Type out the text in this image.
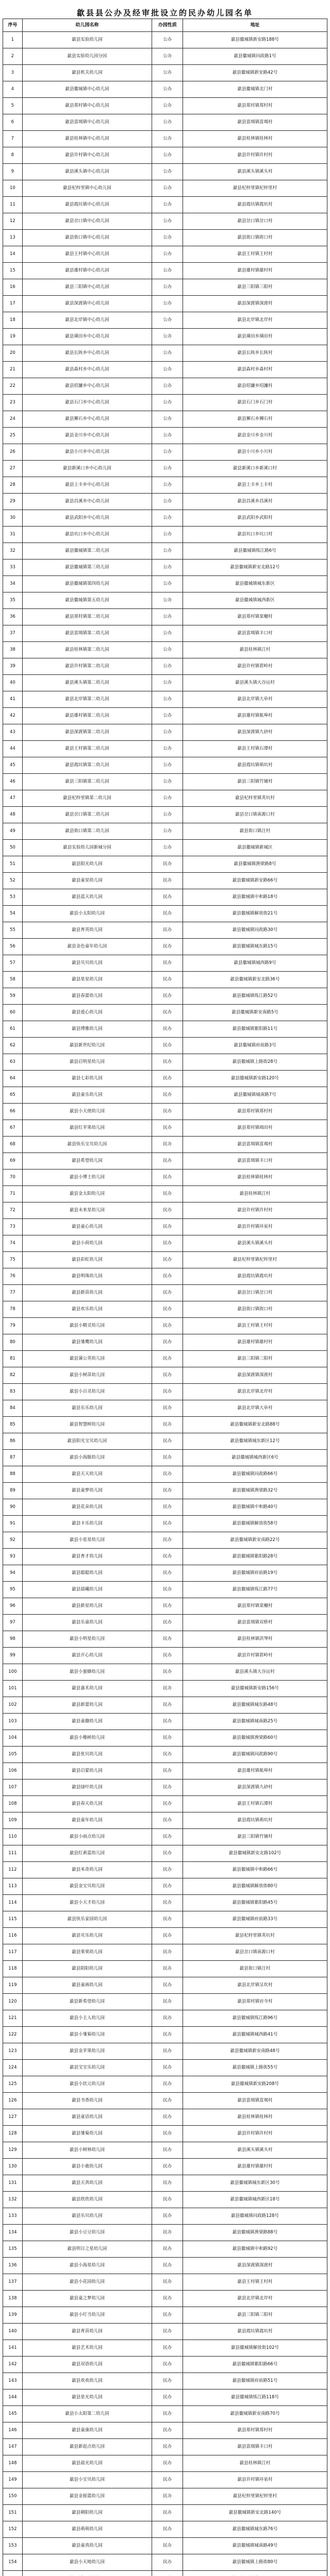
歙县县公办及经审批设立的民办幼儿园名单
序号	幼儿园名称	办园性质	地址
1	歙县实验幼儿园	公办	歙县徽城镇新安路188号
2	歙县实验幼儿园分园	公办	歙县徽城镇问政路1号
3	歙县机关幼儿园	公办	歙县徽城镇新安路42号
4	歙县徽城镇中心幼儿园	公办	歙县徽城镇北门村
5	歙县郑村镇中心幼儿园	公办	歙县郑村镇郑村村
6	歙县富堨镇中心幼儿园	公办	歙县富堨镇富堨村
7	歙县桂林镇中心幼儿园	公办	歙县桂林镇桂林村
8	歙县许村镇中心幼儿园	公办	歙县许村镇许村村
9	歙县溪头镇中心幼儿园	公办	歙县溪头镇溪头村
10	歙县杞梓里镇中心幼儿园	公办	歙县杞梓里镇杞梓里村
11	歙县霞坑镇中心幼儿园	公办	歙县霞坑镇霞坑村
12	歙县岔口镇中心幼儿园	公办	歙县岔口镇岔口村
13	歙县街口镇中心幼儿园	公办	歙县街口镇街口村
14	歙县王村镇中心幼儿园	公办	歙县王村镇王村村
15	歙县雄村镇中心幼儿园	公办	歙县雄村镇雄村村
16	歙县三阳镇中心幼儿园	公办	歙县三阳镇三阳村
17	歙县深渡镇中心幼儿园	公办	歙县深渡镇深渡村
18	歙县北岸镇中心幼儿园	公办	歙县北岸镇北岸村
19	歙县璜田乡中心幼儿园	公办	歙县璜田乡璜田村
20	歙县长陔乡中心幼儿园	公办	歙县长陔乡长陔村
21	歙县森村乡中心幼儿园	公办	歙县森村乡森村村
22	歙县绍濂乡中心幼儿园	公办	歙县绍濂乡绍濂村
23	歙县石门乡中心幼儿园	公办	歙县石门乡石门村
24	歙县狮石乡中心幼儿园	公办	歙县狮石乡狮石村
25	歙县金川乡中心幼儿园	公办	歙县金川乡金川村
26	歙县小川乡中心幼儿园	公办	歙县小川乡小川村
27	歙县新溪口乡中心幼儿园	公办	歙县新溪口乡新溪口村
28	歙县上丰乡中心幼儿园	公办	歙县上丰乡上丰村
29	歙县昌溪乡中心幼儿园	公办	歙县昌溪乡昌溪村
30	歙县武阳乡中心幼儿园	公办	歙县武阳乡武阳村
31	歙县坑口乡中心幼儿园	公办	歙县坑口乡坑口村
32	歙县徽城镇第二幼儿园	公办	歙县徽城镇练江路6号
33	歙县徽城镇第三幼儿园	公办	歙县徽城镇新安北路12号
34	歙县徽城镇第四幼儿园	公办	歙县徽城镇城东新区
35	歙县徽城镇第五幼儿园	公办	歙县徽城镇城西新区
36	歙县郑村镇第二幼儿园	公办	歙县郑村镇棠樾村
37	歙县富堨镇第二幼儿园	公办	歙县富堨镇丰口村
38	歙县桂林镇第二幼儿园	公办	歙县桂林镇江村
39	歙县许村镇第二幼儿园	公办	歙县许村镇箬岭村
40	歙县溪头镇第二幼儿园	公办	歙县溪头镇大谷运村
41	歙县北岸镇第二幼儿园	公办	歙县北岸镇大阜村
42	歙县雄村镇第二幼儿园	公办	歙县雄村镇航埠村
43	歙县深渡镇第二幼儿园	公办	歙县深渡镇九砂村
44	歙县王村镇第二幼儿园	公办	歙县王村镇石潭村
45	歙县霞坑镇第二幼儿园	公办	歙县霞坑镇萌坑村
46	歙县三阳镇第二幼儿园	公办	歙县三阳镇竹铺村
47	歙县杞梓里镇第二幼儿园	公办	歙县杞梓里镇英坑村
48	歙县岔口镇第二幼儿园	公办	歙县岔口镇南源口村
49	歙县街口镇第二幼儿园	公办	歙县街口镇汪村
50	歙县实验幼儿园新城分园	公办	歙县徽城镇新城区
51	歙县阳光幼儿园	民办	歙县徽城镇渔梁路8号
52	歙县童星幼儿园	民办	歙县徽城镇新安路66号
53	歙县蓝天幼儿园	民办	歙县徽城镇中和路18号
54	歙县小太阳幼儿园	民办	歙县徽城镇解放街21号
55	歙县育英幼儿园	民办	歙县徽城镇问政路30号
56	歙县金色童年幼儿园	民办	歙县徽城镇城东路15号
57	歙县贝贝幼儿园	民办	歙县徽城镇城西路9号
58	歙县星星幼儿园	民办	歙县徽城镇新安北路36号
59	歙县春蕾幼儿园	民办	歙县徽城镇练江路52号
60	歙县爱心幼儿园	民办	歙县徽城镇新安南路5号
61	歙县博雅幼儿园	民办	歙县徽城镇紫阳路11号
62	歙县新世纪幼儿园	民办	歙县徽城镇府前路3号
63	歙县启明星幼儿园	民办	歙县徽城镇上路街28号
64	歙县七彩幼儿园	民办	歙县徽城镇新安路120号
65	歙县童乐幼儿园	民办	歙县徽城镇城南路7号
66	歙县小天使幼儿园	民办	歙县郑村镇郑村村
67	歙县红苹果幼儿园	民办	歙县郑村镇堨田村
68	歙县快乐宝贝幼儿园	民办	歙县富堨镇富堨村
69	歙县希望幼儿园	民办	歙县富堨镇丰口村
70	歙县小博士幼儿园	民办	歙县桂林镇桂林村
71	歙县金太阳幼儿园	民办	歙县桂林镇江村
72	歙县未来星幼儿园	民办	歙县许村镇许村村
73	歙县童心幼儿园	民办	歙县许村镇环泉村
74	歙县小荷幼儿园	民办	歙县溪头镇溪头村
75	歙县彩虹幼儿园	民办	歙县杞梓里镇杞梓里村
76	歙县明珠幼儿园	民办	歙县霞坑镇霞坑村
77	歙县新苗幼儿园	民办	歙县岔口镇岔口村
78	歙县欢乐幼儿园	民办	歙县街口镇街口村
79	歙县小精灵幼儿园	民办	歙县王村镇王村村
80	歙县雏鹰幼儿园	民办	歙县雄村镇雄村村
81	歙县蒲公英幼儿园	民办	歙县三阳镇三阳村
82	歙县小树苗幼儿园	民办	歙县深渡镇深渡村
83	歙县小百灵幼儿园	民办	歙县北岸镇北岸村
84	歙县乐乐幼儿园	民办	歙县北岸镇大阜村
85	歙县智慧树幼儿园	民办	歙县徽城镇新安北路88号
86	歙县阳光宝贝幼儿园	民办	歙县徽城镇城东新区12号
87	歙县小海豚幼儿园	民办	歙县徽城镇城西新区6号
88	歙县天天幼儿园	民办	歙县徽城镇问政路66号
89	歙县童梦幼儿园	民办	歙县徽城镇渔梁路32号
90	歙县花朵幼儿园	民办	歙县徽城镇中和路40号
91	歙县卡乐幼儿园	民办	歙县徽城镇解放街58号
92	歙县小星星幼儿园	民办	歙县徽城镇新安南路22号
93	歙县育才幼儿园	民办	歙县徽城镇紫阳路28号
94	歙县聪聪幼儿园	民办	歙县徽城镇府前路19号
95	歙县晨曦幼儿园	民办	歙县徽城镇练江路77号
96	歙县新星幼儿园	民办	歙县郑村镇棠樾村
97	歙县乐童幼儿园	民办	歙县富堨镇双桥村
98	歙县小明星幼儿园	民办	歙县桂林镇洪琴村
99	歙县开心幼儿园	民办	歙县许村镇箬岭村
100	歙县小蜜蜂幼儿园	民办	歙县溪头镇大谷运村
101	歙县嘉禾幼儿园	民办	歙县徽城镇新安路156号
102	歙县新蕾幼儿园	民办	歙县徽城镇城东路48号
103	歙县童趣幼儿园	民办	歙县徽城镇城南路25号
104	歙县小橡树幼儿园	民办	歙县徽城镇渔梁路60号
105	歙县优贝幼儿园	民办	歙县徽城镇问政路90号
106	歙县启蒙幼儿园	民办	歙县雄村镇航埠村
107	歙县绿叶幼儿园	民办	歙县深渡镇九砂村
108	歙县春天幼儿园	民办	歙县王村镇石潭村
109	歙县童年幼儿园	民办	歙县霞坑镇萌坑村
110	歙县小雨点幼儿园	民办	歙县三阳镇竹铺村
111	歙县红黄蓝幼儿园	民办	歙县徽城镇新安北路102号
112	歙县米奇幼儿园	民办	歙县徽城镇中和路66号
113	歙县金宝贝幼儿园	民办	歙县徽城镇解放街80号
114	歙县小天才幼儿园	民办	歙县徽城镇紫阳路45号
115	歙县快乐家园幼儿园	民办	歙县徽城镇府前路33号
116	歙县贝乐幼儿园	民办	歙县杞梓里镇英坑村
117	歙县果果幼儿园	民办	歙县岔口镇南源口村
118	歙县阳阳幼儿园	民办	歙县街口镇汪村
119	歙县童画幼儿园	民办	歙县北岸镇呈坎村
120	歙县新希望幼儿园	民办	歙县郑村镇岩寺村
121	歙县小主人幼儿园	民办	歙县徽城镇练江路96号
122	歙县小雏菊幼儿园	民办	歙县徽城镇城西路41号
123	歙县金苹果幼儿园	民办	歙县徽城镇新安南路48号
124	歙县宝宝乐幼儿园	民办	歙县徽城镇上路街55号
125	歙县小状元幼儿园	民办	歙县徽城镇新安路208号
126	歙县书香幼儿园	民办	歙县富堨镇富堨村
127	歙县童话幼儿园	民办	歙县桂林镇桂林村
128	歙县雏菊幼儿园	民办	歙县许村镇许村村
129	歙县小树林幼儿园	民办	歙县溪头镇溪头村
130	歙县小鹿幼儿园	民办	歙县雄村镇雄村村
131	歙县天真幼儿园	民办	歙县徽城镇城东新区30号
132	歙县欣欣幼儿园	民办	歙县徽城镇城西新区18号
133	歙县乐贝幼儿园	民办	歙县徽城镇问政路128号
134	歙县小豆豆幼儿园	民办	歙县徽城镇渔梁路88号
135	歙县明日之星幼儿园	民办	歙县徽城镇中和路92号
136	歙县小海星幼儿园	民办	歙县深渡镇深渡村
137	歙县小花园幼儿园	民办	歙县王村镇王村村
138	歙县童之梦幼儿园	民办	歙县北岸镇北岸村
139	歙县小叮当幼儿园	民办	歙县三阳镇三阳村
140	歙县育苗幼儿园	民办	歙县霞坑镇霞坑村
141	歙县艺术幼儿园	民办	歙县徽城镇解放街102号
142	歙县双语幼儿园	民办	歙县徽城镇紫阳路66号
143	歙县欢欢幼儿园	民办	歙县徽城镇府前路51号
144	歙县星光幼儿园	民办	歙县徽城镇练江路118号
145	歙县小太阳第二幼儿园	民办	歙县徽城镇新安南路70号
146	歙县童康幼儿园	民办	歙县郑村镇郑村村
147	歙县新起点幼儿园	民办	歙县富堨镇丰口村
148	歙县晨光幼儿园	民办	歙县桂林镇江村
149	歙县小宝贝幼儿园	民办	歙县许村镇环泉村
150	歙县金摇篮幼儿园	民办	歙县杞梓里镇杞梓里村
151	歙县朝阳幼儿园	民办	歙县徽城镇新安北路140号
152	歙县萌萌幼儿园	民办	歙县徽城镇城东路76号
153	歙县童真幼儿园	民办	歙县徽城镇城南路49号
154	歙县小天地幼儿园	民办	歙县徽城镇上路街80号
